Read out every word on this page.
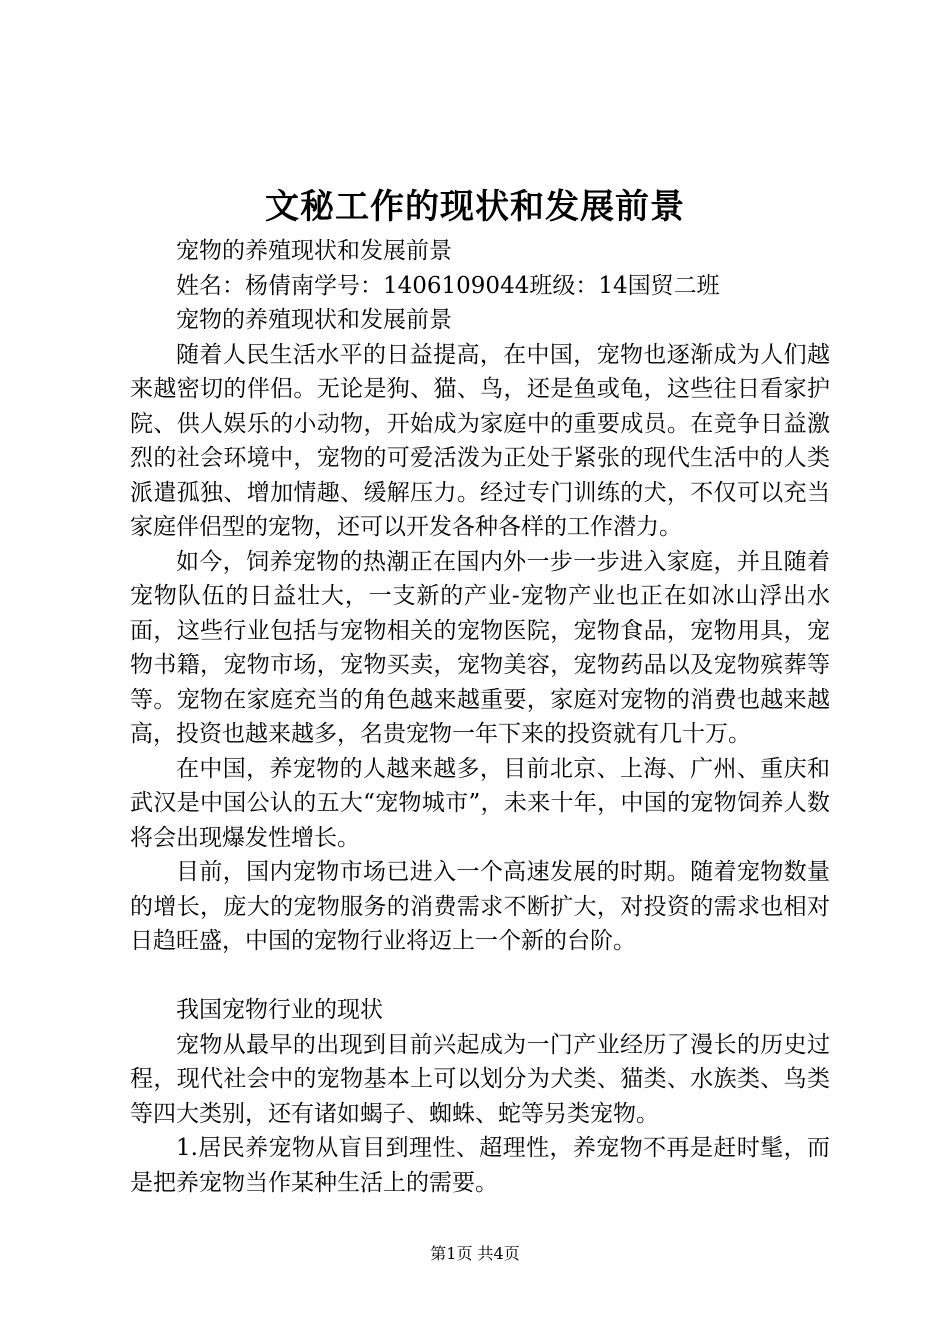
文秘工作的现状和发展前景

宠物的养殖现状和发展前景

姓名：杨倩南学号：1406109044班级：14国贸二班

宠物的养殖现状和发展前景

随着人民生活水平的日益提高，在中国，宠物也逐渐成为人们越来越密切的伴侣。无论是狗、猫、鸟，还是鱼或龟，这些往日看家护院、供人娱乐的小动物，开始成为家庭中的重要成员。在竞争日益激烈的社会环境中，宠物的可爱活泼为正处于紧张的现代生活中的人类派遣孤独、增加情趣、缓解压力。经过专门训练的犬，不仅可以充当家庭伴侣型的宠物，还可以开发各种各样的工作潜力。

如今，饲养宠物的热潮正在国内外一步一步进入家庭，并且随着宠物队伍的日益壮大，一支新的产业-宠物产业也正在如冰山浮出水面，这些行业包括与宠物相关的宠物医院，宠物食品，宠物用具，宠物书籍，宠物市场，宠物买卖，宠物美容，宠物药品以及宠物殡葬等等。宠物在家庭充当的角色越来越重要，家庭对宠物的消费也越来越高，投资也越来越多，名贵宠物一年下来的投资就有几十万。

在中国，养宠物的人越来越多，目前北京、上海、广州、重庆和武汉是中国公认的五大“宠物城市”，未来十年，中国的宠物饲养人数将会出现爆发性增长。

目前，国内宠物市场已进入一个高速发展的时期。随着宠物数量的增长，庞大的宠物服务的消费需求不断扩大，对投资的需求也相对日趋旺盛，中国的宠物行业将迈上一个新的台阶。

我国宠物行业的现状

宠物从最早的出现到目前兴起成为一门产业经历了漫长的历史过程，现代社会中的宠物基本上可以划分为犬类、猫类、水族类、鸟类等四大类别，还有诸如蝎子、蜘蛛、蛇等另类宠物。

1.居民养宠物从盲目到理性、超理性，养宠物不再是赶时髦，而是把养宠物当作某种生活上的需要。

第1页 共4页
